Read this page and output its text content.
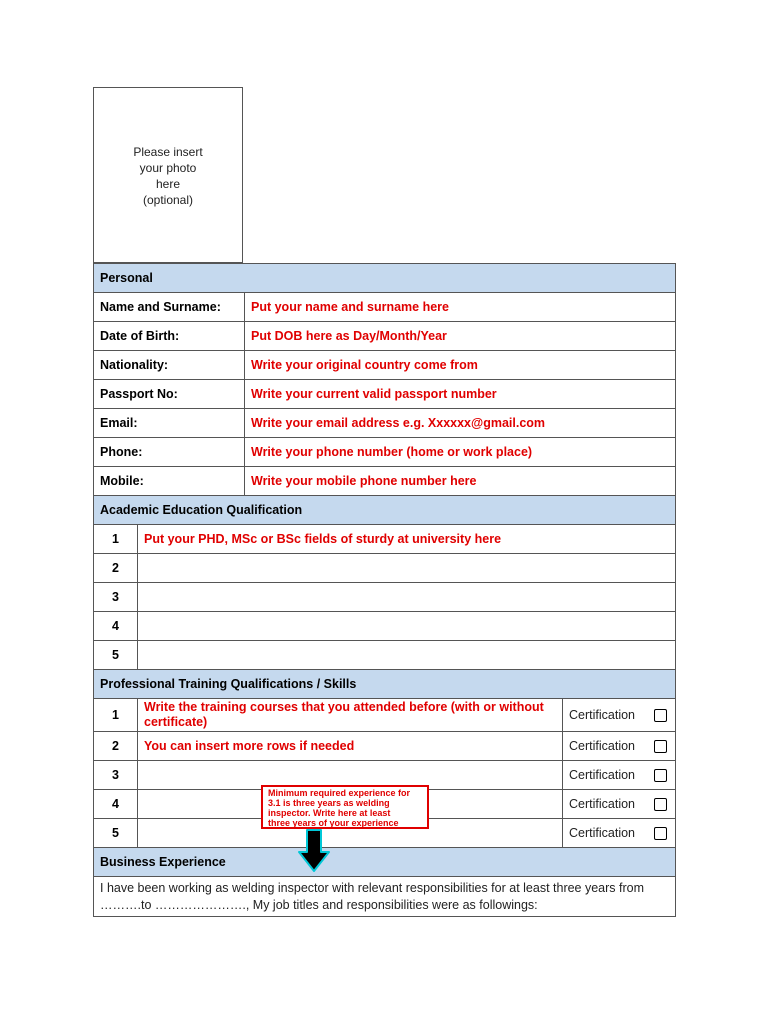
Please insert
your photo
here
(optional)
Personal			
Name and Surname:		Put your name and surname here	
Date of Birth:		Put DOB here as Day/Month/Year	
Nationality:		Write your original country come from	
Passport No:		Write your current valid passport number	
Email:		Write your email address e.g. Xxxxxx@gmail.com	
Phone:		Write your phone number (home or work place)	
Mobile:		Write your mobile phone number here	
Academic Education Qualification			
1	Put your PHD, MSc or BSc fields of sturdy at university here		
2			
3			
4			
5			
Professional Training Qualifications / Skills			
1	Write the training courses that you attended before (with or without certificate)		Certification

2	You can insert more rows if needed		Certification

3			Certification

4			Certification

5			Certification

Business Experience			

I have been working as welding inspector with relevant responsibilities for at least three years from
……….to …………………., My job titles and responsibilities were as followings:			
Minimum required experience for
3.1 is three years as welding
inspector. Write here at least
three years of your experience
